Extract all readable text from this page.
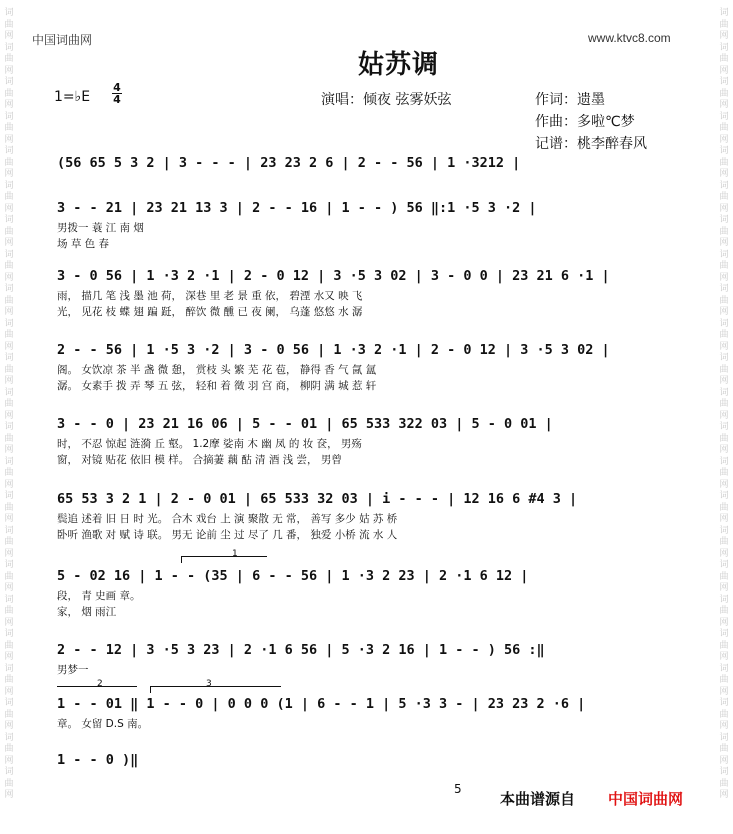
词
曲
网
词
曲
网
词
曲
网
词
曲
网
词
曲
网
词
曲
网
词
曲
网
词
曲
网
词
曲
网
词
曲
网
词
曲
网
词
曲
网
词
曲
网
词
曲
网
词
曲
网
词
曲
网
词
曲
网
词
曲
网
词
曲
网
词
曲
网
词
曲
网
词
曲
网
词
曲
网
词
曲
网
词
曲
网
词
曲
网
词
曲
网
词
曲
网
词
曲
网
词
曲
网
词
曲
网
词
曲
网
词
曲
网
词
曲
网
词
曲
网
词
曲
网
词
曲
网
词
曲
网
词
曲
网
词
曲
网
词
曲
网
词
曲
网
词
曲
网
词
曲
网
词
曲
网
词
曲
网
中国词曲网	www.ktvc8.com
姑苏调
1=♭E
4
4	演唱：倾夜 弦雾妖弦	作词：遗墨
作曲：多啦℃梦
记谱：桃李醉春风
(56 65 5 3 2 | 3 - - - | 23 23 2 6 | 2 - - 56 | 1 ·3212 |
3 - - 21 | 23 21 13 3 | 2 - - 16 | 1 - - ) 56 ‖:1 ·5 3 ·2 |
男拨一 蓑 江 南 烟
场 草 色 春
3 - 0 56 | 1 ·3 2 ·1 | 2 - 0 12 | 3 ·5 3 02 | 3 - 0 0 | 23 21 6 ·1 |
雨， 描几 笔 浅 墨 池 荷， 深巷 里 老 景 重 依， 碧湮 水又 映 飞
光， 见花 枝 蝶 翅 蹁 跹， 醉饮 微 醺 已 夜 阑， 乌蓬 悠悠 水 潺
2 - - 56 | 1 ·5 3 ·2 | 3 - 0 56 | 1 ·3 2 ·1 | 2 - 0 12 | 3 ·5 3 02 |
阁。 女饮凉 茶 半 盏 微 憩， 赏枝 头 繁 芜 花 苞， 静得 香 气 氤 氲
潺。 女素手 拨 弄 琴 五 弦， 轻和 着 徵 羽 宫 商， 柳阴 满 城 惹 轩
3 - - 0 | 23 21 16 06 | 5 - - 01 | 65 533 322 03 | 5 - 0 01 |
时， 不忍 惊起 涟漪 丘 壑。 1.2摩 娑南 木 幽 凤 的 妆 奁， 男殇
窗， 对镜 贴花 依旧 模 样。 合摘萋 藕 酤 清 酒 浅 尝， 男曾
65 53 3 2 1 | 2 - 0 01 | 65 533 32 03 | i - - - | 12 16 6 #4 3 |
鬓追 述着 旧 日 时 光。 合木 戏台 上 演 聚散 无 常， 善写 多少 姑 苏 桥
卧听 渔歌 对 赋 诗 联。 男无 论前 尘 过 尽了 几 番， 独爱 小桥 流 水 人
5 - 02 16 | 1 - - (35 | 6 - - 56 | 1 ·3 2 23 | 2 ·1 6 12 |
段， 青 史画 章。
家， 烟 雨江
2 - - 12 | 3 ·5 3 23 | 2 ·1 6 56 | 5 ·3 2 16 | 1 - - ) 56 :‖
男梦一
1 - - 01 ‖ 1 - - 0 | 0 0 0 (1 | 6 - - 1 | 5 ·3 3 - | 23 23 2 ·6 |
章。 女留 D.S 南。
1 - - 0 )‖
1
2	3
5
本曲谱源自 中国词曲网
